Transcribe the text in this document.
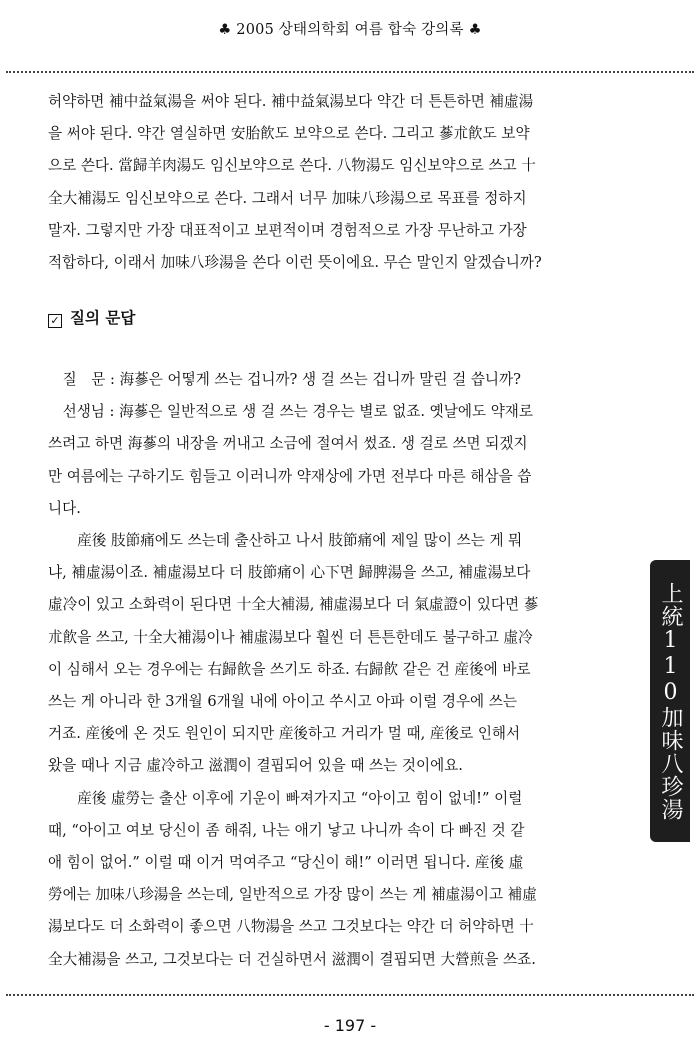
♣ 2005 상태의학회 여름 합숙 강의록 ♣
허약하면 補中益氣湯을 써야 된다. 補中益氣湯보다 약간 더 튼튼하면 補虛湯
을 써야 된다. 약간 열실하면 安胎飮도 보약으로 쓴다. 그리고 蔘朮飮도 보약
으로 쓴다. 當歸羊肉湯도 임신보약으로 쓴다. 八物湯도 임신보약으로 쓰고 十
全大補湯도 임신보약으로 쓴다. 그래서 너무 加味八珍湯으로 목표를 정하지
말자. 그렇지만 가장 대표적이고 보편적이며 경험적으로 가장 무난하고 가장
적합하다, 이래서 加味八珍湯을 쓴다 이런 뜻이에요. 무슨 말인지 알겠습니까?
✓ 질의 문답
　질　문 : 海蔘은 어떻게 쓰는 겁니까? 생 걸 쓰는 겁니까 말린 걸 씁니까?
　선생님 : 海蔘은 일반적으로 생 걸 쓰는 경우는 별로 없죠. 옛날에도 약재로
쓰려고 하면 海蔘의 내장을 꺼내고 소금에 절여서 썼죠. 생 걸로 쓰면 되겠지
만 여름에는 구하기도 힘들고 이러니까 약재상에 가면 전부다 마른 해삼을 씁
니다.
　　産後 肢節痛에도 쓰는데 출산하고 나서 肢節痛에 제일 많이 쓰는 게 뭐
냐, 補虛湯이죠. 補虛湯보다 더 肢節痛이 心下면 歸脾湯을 쓰고, 補虛湯보다
虛冷이 있고 소화력이 된다면 十全大補湯, 補虛湯보다 더 氣虛證이 있다면 蔘
朮飮을 쓰고, 十全大補湯이나 補虛湯보다 훨씬 더 튼튼한데도 불구하고 虛冷
이 심해서 오는 경우에는 右歸飮을 쓰기도 하죠. 右歸飮 같은 건 産後에 바로
쓰는 게 아니라 한 3개월 6개월 내에 아이고 쑤시고 아파 이럴 경우에 쓰는
거죠. 産後에 온 것도 원인이 되지만 産後하고 거리가 멀 때, 産後로 인해서
왔을 때나 지금 虛冷하고 滋潤이 결핍되어 있을 때 쓰는 것이에요.
　　産後 虛勞는 출산 이후에 기운이 빠져가지고 “아이고 힘이 없네!” 이럴
때, “아이고 여보 당신이 좀 해줘, 나는 애기 낳고 나니까 속이 다 빠진 것 같
애 힘이 없어.” 이럴 때 이거 먹여주고 “당신이 해!” 이러면 됩니다. 産後 虛
勞에는 加味八珍湯을 쓰는데, 일반적으로 가장 많이 쓰는 게 補虛湯이고 補虛
湯보다도 더 소화력이 좋으면 八物湯을 쓰고 그것보다는 약간 더 허약하면 十
全大補湯을 쓰고, 그것보다는 더 건실하면서 滋潤이 결핍되면 大營煎을 쓰죠.
上統110加味八珍湯
- 197 -
